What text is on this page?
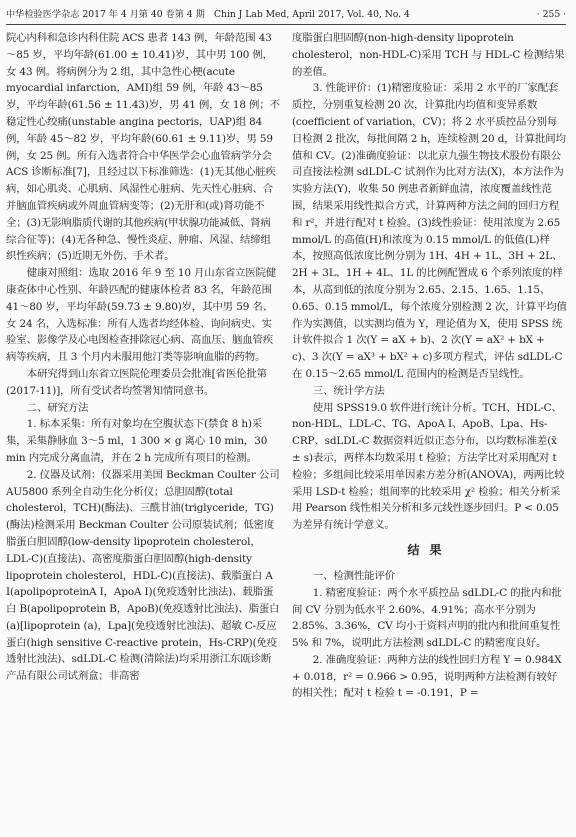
中华检验医学杂志 2017 年 4 月第 40 卷第 4 期　Chin J Lab Med, April 2017, Vol. 40, No. 4	· 255 ·

院心内科和急诊内科住院 ACS 患者 143 例，年龄范围 43～85 岁，平均年龄(61.00 ± 10.41)岁，其中男 100 例，女 43 例。将病例分为 2 组，其中急性心梗(acute myocardial infarction，AMI)组 59 例，年龄 43～85 岁，平均年龄(61.56 ± 11.43)岁，男 41 例，女 18 例；不稳定性心绞痛(unstable angina pectoris，UAP)组 84 例，年龄 45～82 岁，平均年龄(60.61 ± 9.11)岁，男 59 例，女 25 例。所有入选者符合中华医学会心血管病学分会 ACS 诊断标准[7]，且经过以下标准筛选：(1)无其他心脏疾病，如心肌炎、心肌病、风湿性心脏病、先天性心脏病、合并脑血管疾病或外周血管病变等；(2)无肝和(或)肾功能不全；(3)无影响脂质代谢的其他疾病(甲状腺功能减低、肾病综合征等)；(4)无各种急、慢性炎症、肿瘤、风湿、结缔组织性疾病；(5)近期无外伤、手术者。

健康对照组：选取 2016 年 9 至 10 月山东省立医院健康查体中心性别、年龄匹配的健康体检者 83 名，年龄范围 41～80 岁，平均年龄(59.73 ± 9.80)岁，其中男 59 名、女 24 名，入选标准：所有人选者均经体检、询问病史、实验室、影像学及心电图检查排除冠心病、高血压、脑血管疾病等疾病，且 3 个月内未服用他汀类等影响血脂的药物。

本研究得到山东省立医院伦理委员会批准[省医伦批第(2017-11)]，所有受试者均签署知情同意书。

二、研究方法

1. 标本采集：所有对象均在空腹状态下(禁食 8 h)采集，采集静脉血 3～5 ml，1 300 × g 离心 10 min，30 min 内完成分离血清，并在 2 h 完成所有项目的检测。

2. 仪器及试剂：仪器采用美国 Beckman Coulter 公司 AU5800 系列全自动生化分析仪；总胆固醇(total cholesterol，TCH)(酶法)、三酰甘油(triglyceride，TG)(酶法)检测采用 Beckman Coulter 公司原装试剂；低密度脂蛋白胆固醇(low-density lipoprotein cholesterol，LDL-C)(直接法)、高密度脂蛋白胆固醇(high-density lipoprotein cholesterol，HDL-C)(直接法)、载脂蛋白 A Ⅰ(apolipoproteinA Ⅰ，ApoA Ⅰ)(免疫透射比浊法)、载脂蛋白 B(apolipoprotein B，ApoB)(免疫透射比浊法)、脂蛋白(a)[lipoprotein (a)，Lpa](免疫透射比浊法)、超敏 C-反应蛋白(high sensitive C-reactive protein，Hs-CRP)(免疫透射比浊法)、sdLDL-C 检测(清除法)均采用浙江东瓯诊断产品有限公司试剂盒；非高密

度脂蛋白胆固醇(non-high-density lipoprotein cholesterol，non-HDL-C)采用 TCH 与 HDL-C 检测结果的差值。

3. 性能评价：(1)精密度验证：采用 2 水平的厂家配套质控，分别重复检测 20 次，计算批内均值和变异系数(coefficient of variation，CV)；将 2 水平质控品分别每日检测 2 批次，每批间隔 2 h，连续检测 20 d，计算批间均值和 CV。(2)准确度验证：以北京九强生物技术股份有限公司直接法检测 sdLDL-C 试剂作为比对方法(X)，本方法作为实验方法(Y)，收集 50 例患者新鲜血清，浓度覆盖线性范围，结果采用线性拟合方式，计算两种方法之间的回归方程和 r²，并进行配对 t 检验。(3)线性验证：使用浓度为 2.65 mmol/L 的高值(H)和浓度为 0.15 mmol/L 的低值(L)样本，按照高低浓度比例分别为 1H、4H + 1L、3H + 2L、2H + 3L、1H + 4L、1L 的比例配置成 6 个系列浓度的样本，从高到低的浓度分别为 2.65、2.15、1.65、1.15、0.65、0.15 mmol/L，每个浓度分别检测 2 次，计算平均值作为实测值，以实测均值为 Y，理论值为 X，使用 SPSS 统计软件拟合 1 次(Y = aX + b)、2 次(Y = aX² + bX + c)、3 次(Y = aX³ + bX² + c)多项方程式，评估 sdLDL-C 在 0.15～2.65 mmol/L 范围内的检测是否呈线性。

三、统计学方法

使用 SPSS19.0 软件进行统计分析。TCH、HDL-C、non-HDL、LDL-C、TG、ApoA Ⅰ、ApoB、Lpa、Hs-CRP、sdLDL-C 数据资料近似正态分布，以均数标准差(x̄ ± s)表示，两样本均数采用 t 检验；方法学比对采用配对 t 检验；多组间比较采用单因素方差分析(ANOVA)，两两比较采用 LSD-t 检验；组间率的比较采用 χ² 检验；相关分析采用 Pearson 线性相关分析和多元线性逐步回归。P < 0.05 为差异有统计学意义。

结果
一、检测性能评价

1. 精密度验证：两个水平质控品 sdLDL-C 的批内和批间 CV 分别为低水平 2.60%、4.91%；高水平分别为 2.85%、3.36%，CV 均小于资料声明的批内和批间重复性 5% 和 7%，说明此方法检测 sdLDL-C 的精密度良好。

2. 准确度验证：两种方法的线性回归方程 Y = 0.984X + 0.018，r² = 0.966 > 0.95，说明两种方法检测有较好的相关性；配对 t 检验 t = -0.191，P =
